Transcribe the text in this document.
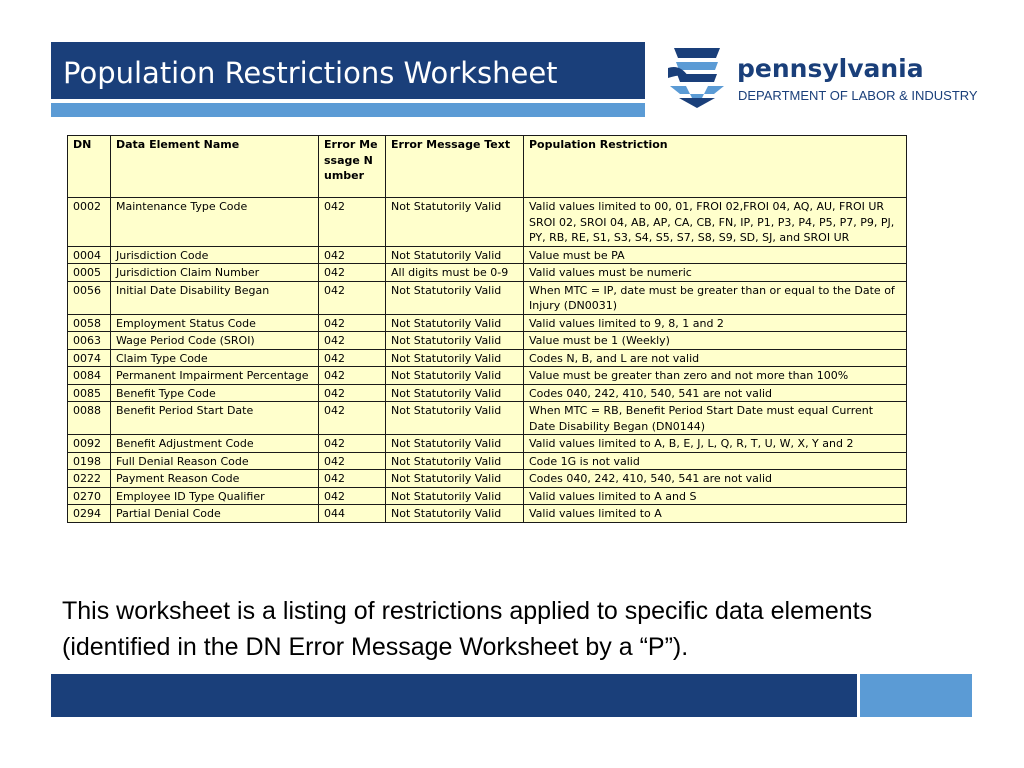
Population Restrictions Worksheet	pennsylvania
DEPARTMENT OF LABOR & INDUSTRY
DN	Data Element Name	Error Message Number	Error Message Text	Population Restriction
0002	Maintenance Type Code	042	Not Statutorily Valid	Valid values limited to 00, 01, FROI 02,FROI 04, AQ, AU, FROI UR SROI 02, SROI 04, AB, AP, CA, CB, FN, IP, P1, P3, P4, P5, P7, P9, PJ, PY, RB, RE, S1, S3, S4, S5, S7, S8, S9, SD, SJ, and SROI UR
0004	Jurisdiction Code	042	Not Statutorily Valid	Value must be PA
0005	Jurisdiction Claim Number	042	All digits must be 0-9	Valid values must be numeric
0056	Initial Date Disability Began	042	Not Statutorily Valid	When MTC = IP, date must be greater than or equal to the Date of Injury (DN0031)
0058	Employment Status Code	042	Not Statutorily Valid	Valid values limited to 9, 8, 1 and 2
0063	Wage Period Code (SROI)	042	Not Statutorily Valid	Value must be 1 (Weekly)
0074	Claim Type Code	042	Not Statutorily Valid	Codes N, B, and L are not valid
0084	Permanent Impairment Percentage	042	Not Statutorily Valid	Value must be greater than zero and not more than 100%
0085	Benefit Type Code	042	Not Statutorily Valid	Codes 040, 242, 410, 540, 541 are not valid
0088	Benefit Period Start Date	042	Not Statutorily Valid	When MTC = RB, Benefit Period Start Date must equal Current Date Disability Began (DN0144)
0092	Benefit Adjustment Code	042	Not Statutorily Valid	Valid values limited to A, B, E, J, L, Q, R, T, U, W, X, Y and 2
0198	Full Denial Reason Code	042	Not Statutorily Valid	Code 1G is not valid
0222	Payment Reason Code	042	Not Statutorily Valid	Codes 040, 242, 410, 540, 541 are not valid
0270	Employee ID Type Qualifier	042	Not Statutorily Valid	Valid values limited to A and S
0294	Partial Denial Code	044	Not Statutorily Valid	Valid values limited to A
This worksheet is a listing of restrictions applied to specific data elements (identified in the DN Error Message Worksheet by a “P”).
